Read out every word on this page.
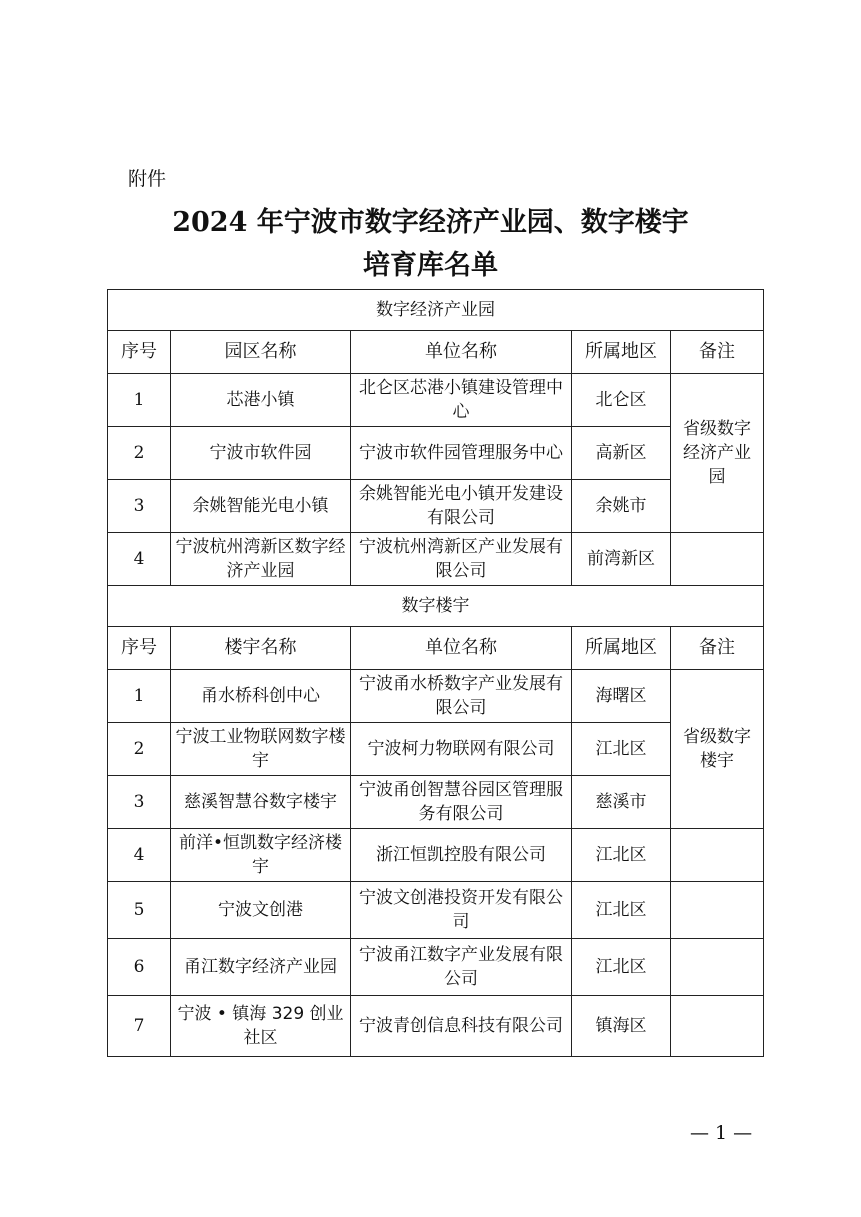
附件
2024 年宁波市数字经济产业园、数字楼宇
培育库名单
数字经济产业园				
序号	园区名称	单位名称	所属地区	备注
1	芯港小镇	北仑区芯港小镇建设管理中心	北仑区	省级数字经济产业园
2	宁波市软件园	宁波市软件园管理服务中心	高新区	
3	余姚智能光电小镇	余姚智能光电小镇开发建设有限公司	余姚市	
4	宁波杭州湾新区数字经济产业园	宁波杭州湾新区产业发展有限公司	前湾新区	
数字楼宇				
序号	楼宇名称	单位名称	所属地区	备注
1	甬水桥科创中心	宁波甬水桥数字产业发展有限公司	海曙区	省级数字楼宇
2	宁波工业物联网数字楼宇	宁波柯力物联网有限公司	江北区	
3	慈溪智慧谷数字楼宇	宁波甬创智慧谷园区管理服务有限公司	慈溪市	
4	前洋•恒凯数字经济楼宇	浙江恒凯控股有限公司	江北区	
5	宁波文创港	宁波文创港投资开发有限公司	江北区	
6	甬江数字经济产业园	宁波甬江数字产业发展有限公司	江北区	
7	宁波 • 镇海 329 创业社区	宁波青创信息科技有限公司	镇海区	
— 1 —
